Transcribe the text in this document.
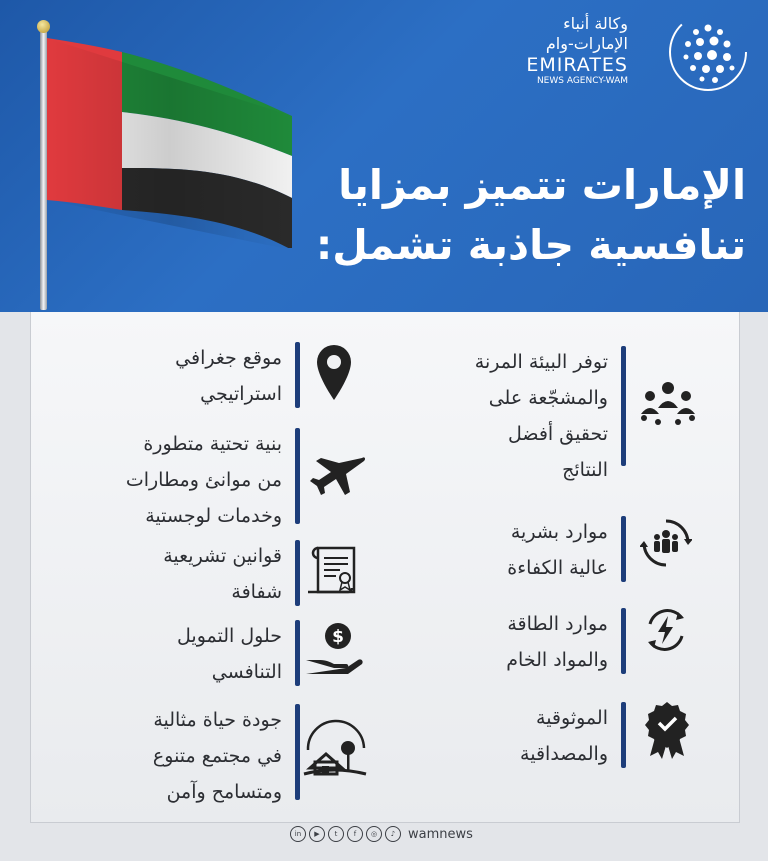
وكالة أنباء
الإمارات-وام
EMIRATES
NEWS AGENCY-WAM
الإمارات تتميز بمزايا
تنافسية جاذبة تشمل:
توفر البيئة المرنة
والمشجّعة على
تحقيق أفضل
النتائج
موارد بشرية
عالية الكفاءة
موارد الطاقة
والمواد الخام
الموثوقية
والمصداقية
موقع جغرافي
استراتيجي
بنية تحتية متطورة
من موانئ ومطارات
وخدمات لوجستية
قوانين تشريعية
شفافة
حلول التمويل
التنافسي
$
جودة حياة مثالية
في مجتمع متنوع
ومتسامح وآمن
in	▶	t	f	◎	♪ wamnews
